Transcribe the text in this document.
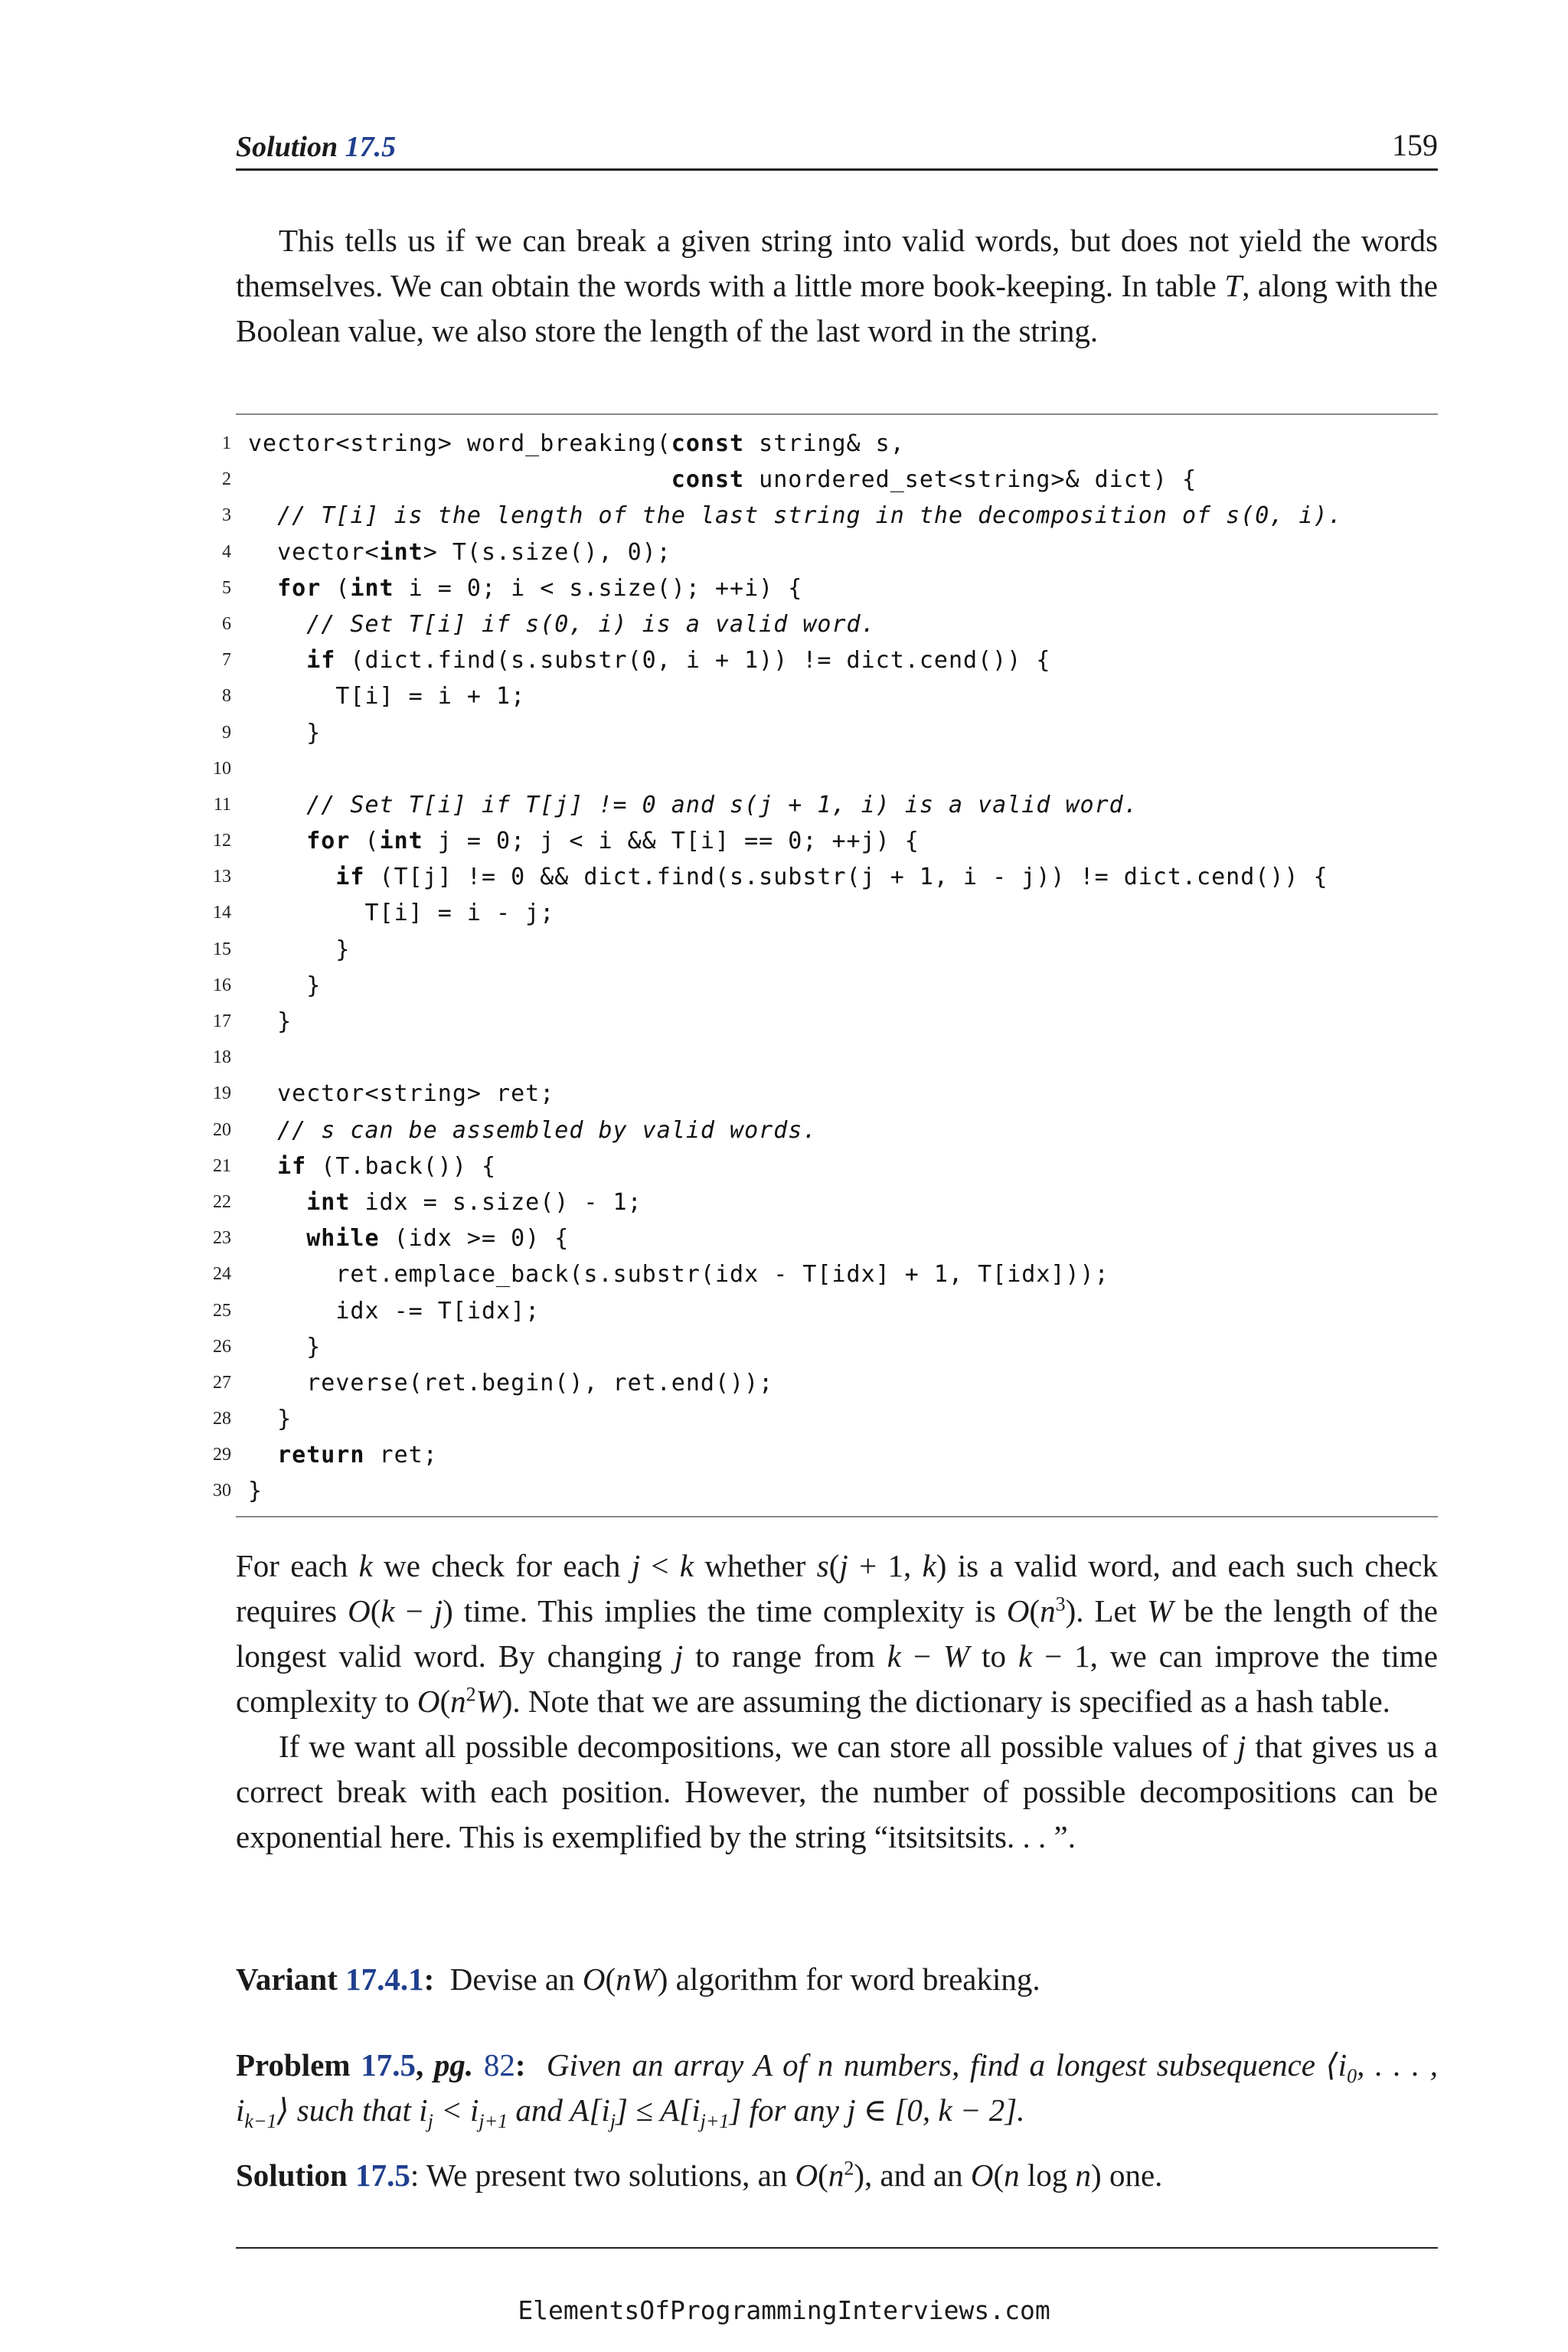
Solution 17.5	159
This tells us if we can break a given string into valid words, but does not yield the words themselves. We can obtain the words with a little more book-keeping. In table T, along with the Boolean value, we also store the length of the last word in the string.
1 vector<string> word_breaking(const string& s,
2	const unordered_set<string>& dict) {
3	// T[i] is the length of the last string in the decomposition of s(0, i).
4 vector<int> T(s.size(), 0);
5	for (int i = 0; i < s.size(); ++i) {
6	// Set T[i] if s(0, i) is a valid word.
7	if (dict.find(s.substr(0, i + 1)) != dict.cend()) {
8 T[i] = i + 1;
9 }
10
11	// Set T[i] if T[j] != 0 and s(j + 1, i) is a valid word.
12	for (int j = 0; j < i && T[i] == 0; ++j) {
13	if (T[j] != 0 && dict.find(s.substr(j + 1, i - j)) != dict.cend()) {
14 T[i] = i - j;
15 }
16 }
17 }
18
19 vector<string> ret;
20	// s can be assembled by valid words.
21	if (T.back()) {
22	int idx = s.size() - 1;
23	while (idx >= 0) {
24 ret.emplace_back(s.substr(idx - T[idx] + 1, T[idx]));
25 idx -= T[idx];
26 }
27 reverse(ret.begin(), ret.end());
28 }
29	return ret;
30 }
For each k we check for each j < k whether s(j + 1, k) is a valid word, and each such check requires O(k − j) time. This implies the time complexity is $O(n^3)$. Let W be the length of the longest valid word. By changing j to range from k − W to k − 1, we can improve the time complexity to $O(n^2W)$. Note that we are assuming the dictionary is specified as a hash table.
If we want all possible decompositions, we can store all possible values of j that gives us a correct break with each position. However, the number of possible decompositions can be exponential here. This is exemplified by the string “itsitsitsits. . . ”.
Variant 17.4.1: Devise an O(nW) algorithm for word breaking.
Problem 17.5, pg. 82: Given an array A of n numbers, find a longest subsequence $⟨i_0$, . . . , $i_{k-1}⟩$ such that $i_j < i_{j+1}$ and $A[i_j] \le A[i_{j+1}]$ for any j ∈ [0, k − 2].
Solution 17.5: We present two solutions, an $O(n^2)$, and an O(n log n) one.
ElementsOfProgrammingInterviews.com
